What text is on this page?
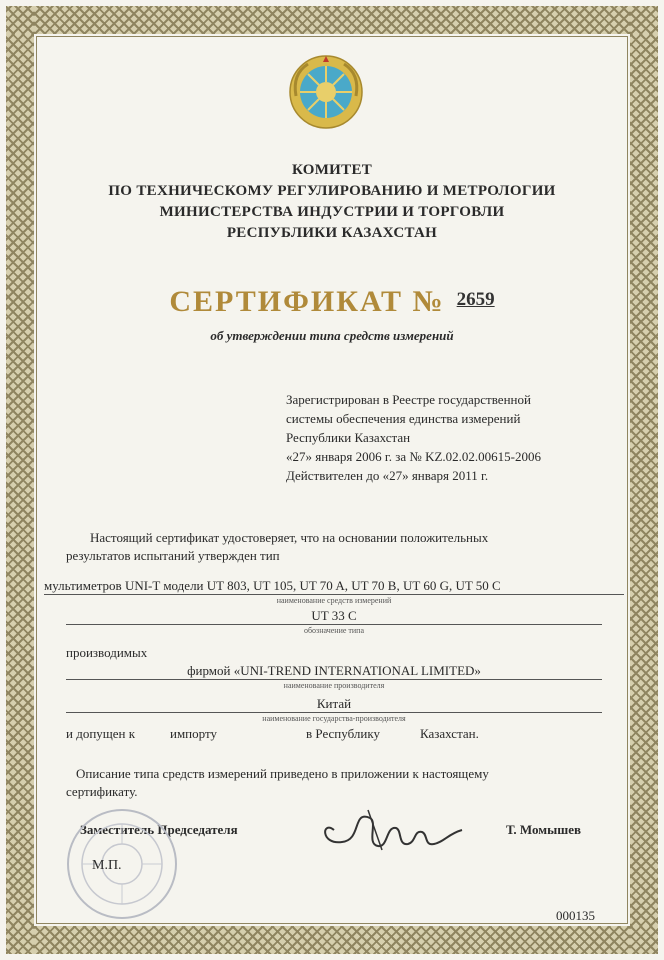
КОМИТЕТ
ПО ТЕХНИЧЕСКОМУ РЕГУЛИРОВАНИЮ И МЕТРОЛОГИИ
МИНИСТЕРСТВА ИНДУСТРИИ И ТОРГОВЛИ
РЕСПУБЛИКИ КАЗАХСТАН
СЕРТИФИКАТ № 2659
об утверждении типа средств измерений
Зарегистрирован в Реестре государственной
системы обеспечения единства измерений
Республики Казахстан
«27» января 2006 г. за № KZ.02.02.00615-2006
Действителен до «27» января 2011 г.
Настоящий сертификат удостоверяет, что на основании положительных
результатов испытаний утвержден тип
мультиметров UNI-T модели UT 803, UT 105, UT 70 A, UT 70 B, UT 60 G, UT 50 C
наименование средств измерений
UT 33 C
обозначение типа
производимых
фирмой «UNI-TREND INTERNATIONAL LIMITED»
наименование производителя
Китай
наименование государства-производителя
и допущен к	импорту	в Республику	Казахстан.
Описание типа средств измерений приведено в приложении к настоящему
сертификату.
Заместитель Председателя	Т. Момышев
М.П.
000135
